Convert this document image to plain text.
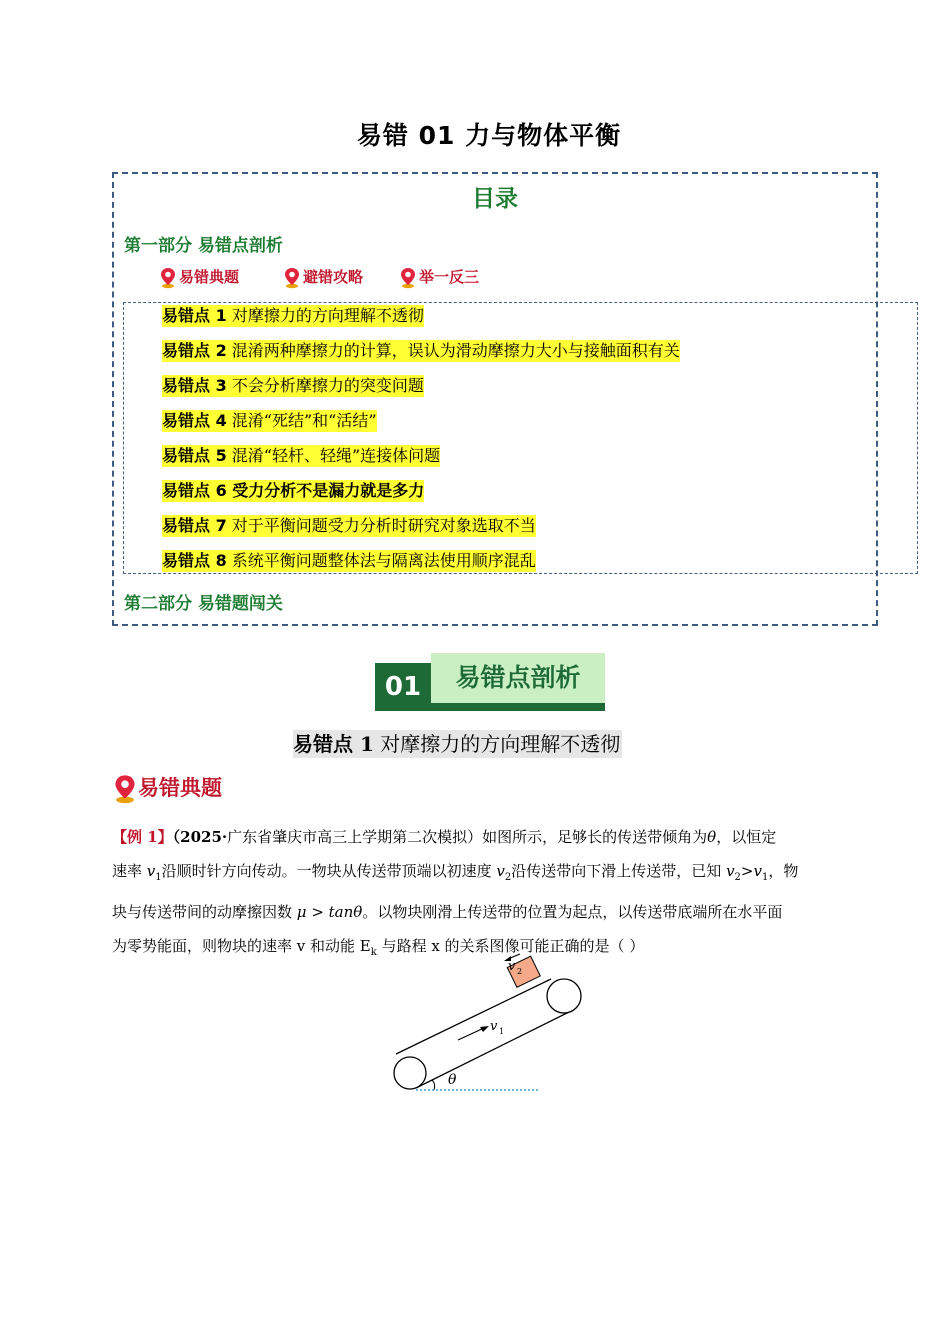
易错 01 力与物体平衡
目录
第一部分 易错点剖析
易错典题	避错攻略	举一反三
易错点 1 对摩擦力的方向理解不透彻
易错点 2 混淆两种摩擦力的计算，误认为滑动摩擦力大小与接触面积有关
易错点 3 不会分析摩擦力的突变问题
易错点 4 混淆“死结”和“活结”
易错点 5 混淆“轻杆、轻绳”连接体问题
易错点 6 受力分析不是漏力就是多力
易错点 7 对于平衡问题受力分析时研究对象选取不当
易错点 8 系统平衡问题整体法与隔离法使用顺序混乱
第二部分 易错题闯关
01	易错点剖析
易错点 1 对摩擦力的方向理解不透彻
易错典题
【例 1】（2025·广东省肇庆市高三上学期第二次模拟）如图所示，足够长的传送带倾角为θ，以恒定
速率 $v_1$沿顺时针方向传动。一物块从传送带顶端以初速度 $v_2$沿传送带向下滑上传送带，已知 $v_2>v_1$，物
块与传送带间的动摩擦因数 μ > tanθ。以物块刚滑上传送带的位置为起点，以传送带底端所在水平面
为零势能面，则物块的速率 v 和动能 $E_k$ 与路程 x 的关系图像可能正确的是（ ）
v 2
v 1
θ
